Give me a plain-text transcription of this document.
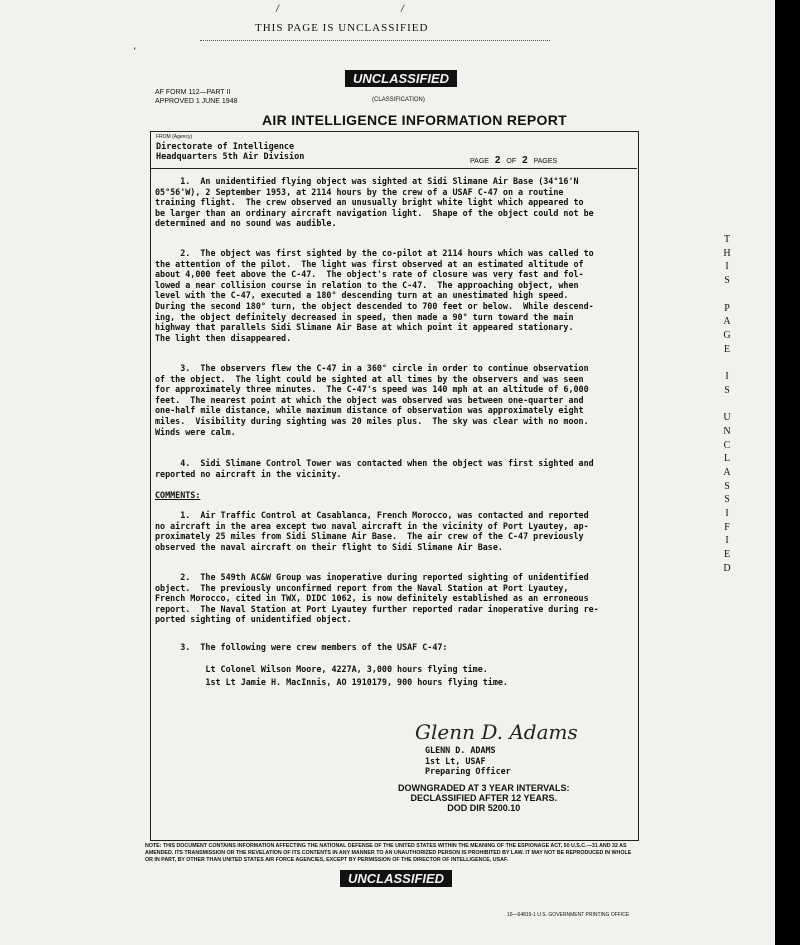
/	/
,
THIS PAGE IS UNCLASSIFIED
UNCLASSIFIED
(CLASSIFICATION)
AF FORM 112—PART II
APPROVED 1 JUNE 1948
AIR INTELLIGENCE INFORMATION REPORT
FROM (Agency)
Directorate of Intelligence
Headquarters 5th Air Division	PAGE 2 OF 2 PAGES
1.  An unidentified flying object was sighted at Sidi Slimane Air Base (34°16'N
05°56'W), 2 September 1953, at 2114 hours by the crew of a USAF C-47 on a routine
training flight.  The crew observed an unusually bright white light which appeared to
be larger than an ordinary aircraft navigation light.  Shape of the object could not be
determined and no sound was audible.
2.  The object was first sighted by the co-pilot at 2114 hours which was called to
the attention of the pilot.  The light was first observed at an estimated altitude of
about 4,000 feet above the C-47.  The object's rate of closure was very fast and fol-
lowed a near collision course in relation to the C-47.  The approaching object, when
level with the C-47, executed a 180° descending turn at an unestimated high speed.
During the second 180° turn, the object descended to 700 feet or below.  While descend-
ing, the object definitely decreased in speed, then made a 90° turn toward the main
highway that parallels Sidi Slimane Air Base at which point it appeared stationary.
The light then disappeared.
3.  The observers flew the C-47 in a 360° circle in order to continue observation
of the object.  The light could be sighted at all times by the observers and was seen
for approximately three minutes.  The C-47's speed was 140 mph at an altitude of 6,000
feet.  The nearest point at which the object was observed was between one-quarter and
one-half mile distance, while maximum distance of observation was approximately eight
miles.  Visibility during sighting was 20 miles plus.  The sky was clear with no moon.
Winds were calm.
4.  Sidi Slimane Control Tower was contacted when the object was first sighted and
reported no aircraft in the vicinity.
COMMENTS:
1.  Air Traffic Control at Casablanca, French Morocco, was contacted and reported
no aircraft in the area except two naval aircraft in the vicinity of Port Lyautey, ap-
proximately 25 miles from Sidi Slimane Air Base.  The air crew of the C-47 previously
observed the naval aircraft on their flight to Sidi Slimane Air Base.
2.  The 549th AC&W Group was inoperative during reported sighting of unidentified
object.  The previously unconfirmed report from the Naval Station at Port Lyautey,
French Morocco, cited in TWX, DIDC 1062, is now definitely established as an erroneous
report.  The Naval Station at Port Lyautey further reported radar inoperative during re-
ported sighting of unidentified object.
3.  The following were crew members of the USAF C-47:
Lt Colonel Wilson Moore, 4227A, 3,000 hours flying time.
1st Lt Jamie H. MacInnis, AO 1910179, 900 hours flying time.
Glenn D. Adams
GLENN D. ADAMS
1st Lt, USAF
Preparing Officer
DOWNGRADED AT 3 YEAR INTERVALS:
DECLASSIFIED AFTER 12 YEARS.
DOD DIR 5200.10
NOTE: THIS DOCUMENT CONTAINS INFORMATION AFFECTING THE NATIONAL DEFENSE OF THE UNITED STATES WITHIN THE MEANING OF THE ESPIONAGE ACT, 50 U.S.C.—31 AND 32 AS AMENDED. ITS TRANSMISSION OR THE REVELATION OF ITS CONTENTS IN ANY MANNER TO AN UNAUTHORIZED PERSON IS PROHIBITED BY LAW. IT MAY NOT BE REPRODUCED IN WHOLE OR IN PART, BY OTHER THAN UNITED STATES AIR FORCE AGENCIES, EXCEPT BY PERMISSION OF THE DIRECTOR OF INTELLIGENCE, USAF.
UNCLASSIFIED
16—64819-1 U.S. GOVERNMENT PRINTING OFFICE
T
H
I
S

P
A
G
E

I
S

U
N
C
L
A
S
S
I
F
I
E
D
